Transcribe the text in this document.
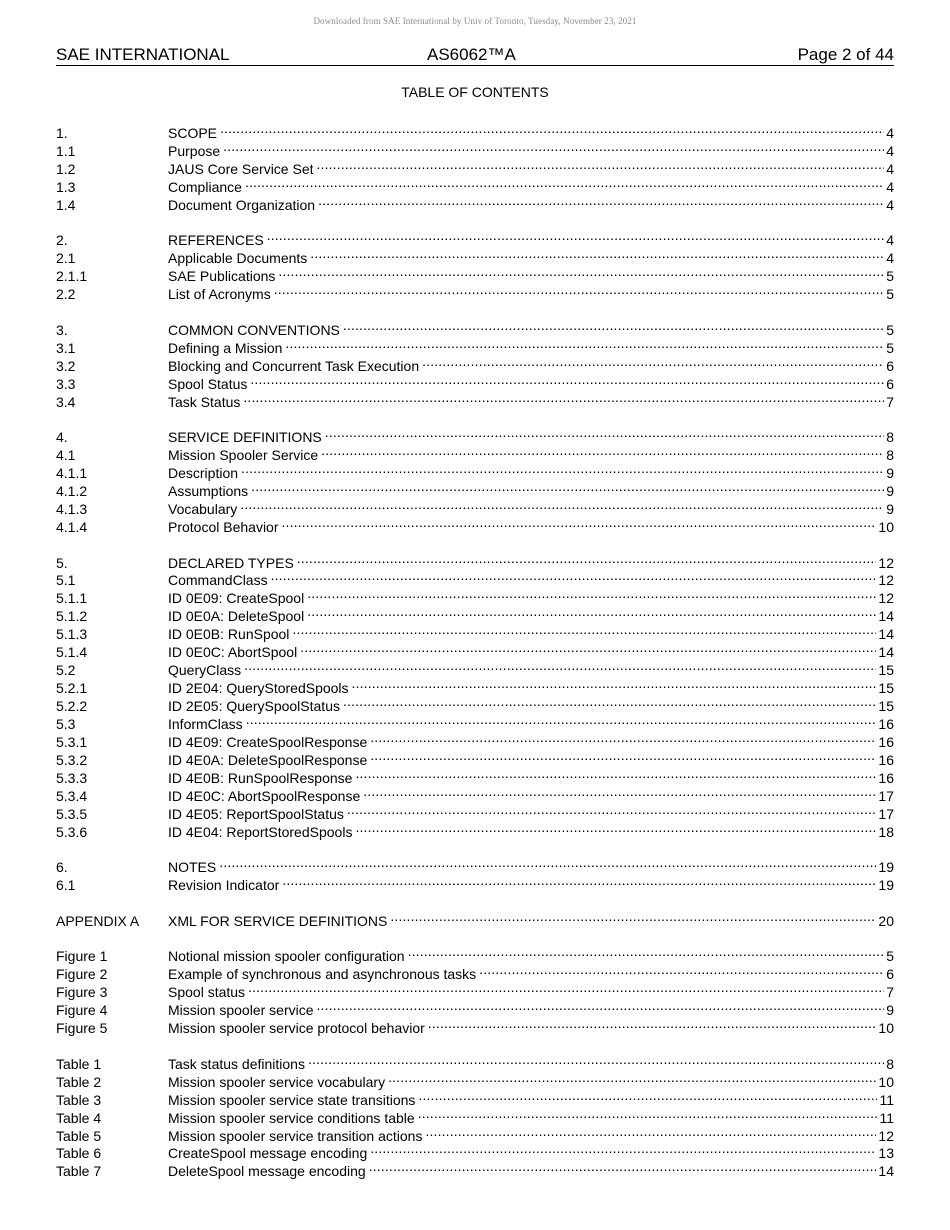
Downloaded from SAE International by Univ of Toronto, Tuesday, November 23, 2021
SAE INTERNATIONAL	AS6062™A	Page 2 of 44
TABLE OF CONTENTS
1.	SCOPE .....	4
1.1	Purpose .....	4
1.2	JAUS Core Service Set .....	4
1.3	Compliance .....	4
1.4	Document Organization .....	4
2.	REFERENCES .....	4
2.1	Applicable Documents .....	4
2.1.1	SAE Publications .....	5
2.2	List of Acronyms .....	5
3.	COMMON CONVENTIONS .....	5
3.1	Defining a Mission .....	5
3.2	Blocking and Concurrent Task Execution .....	6
3.3	Spool Status .....	6
3.4	Task Status .....	7
4.	SERVICE DEFINITIONS .....	8
4.1	Mission Spooler Service .....	8
4.1.1	Description .....	9
4.1.2	Assumptions .....	9
4.1.3	Vocabulary .....	9
4.1.4	Protocol Behavior .....	10
5.	DECLARED TYPES .....	12
5.1	CommandClass .....	12
5.1.1	ID 0E09: CreateSpool .....	12
5.1.2	ID 0E0A: DeleteSpool .....	14
5.1.3	ID 0E0B: RunSpool .....	14
5.1.4	ID 0E0C: AbortSpool .....	14
5.2	QueryClass .....	15
5.2.1	ID 2E04: QueryStoredSpools .....	15
5.2.2	ID 2E05: QuerySpoolStatus .....	15
5.3	InformClass .....	16
5.3.1	ID 4E09: CreateSpoolResponse .....	16
5.3.2	ID 4E0A: DeleteSpoolResponse .....	16
5.3.3	ID 4E0B: RunSpoolResponse .....	16
5.3.4	ID 4E0C: AbortSpoolResponse .....	17
5.3.5	ID 4E05: ReportSpoolStatus .....	17
5.3.6	ID 4E04: ReportStoredSpools .....	18
6.	NOTES .....	19
6.1	Revision Indicator .....	19
APPENDIX A	XML FOR SERVICE DEFINITIONS .....	20
Figure 1	Notional mission spooler configuration .....	5
Figure 2	Example of synchronous and asynchronous tasks .....	6
Figure 3	Spool status .....	7
Figure 4	Mission spooler service .....	9
Figure 5	Mission spooler service protocol behavior .....	10
Table 1	Task status definitions .....	8
Table 2	Mission spooler service vocabulary .....	10
Table 3	Mission spooler service state transitions .....	11
Table 4	Mission spooler service conditions table .....	11
Table 5	Mission spooler service transition actions .....	12
Table 6	CreateSpool message encoding .....	13
Table 7	DeleteSpool message encoding .....	14
